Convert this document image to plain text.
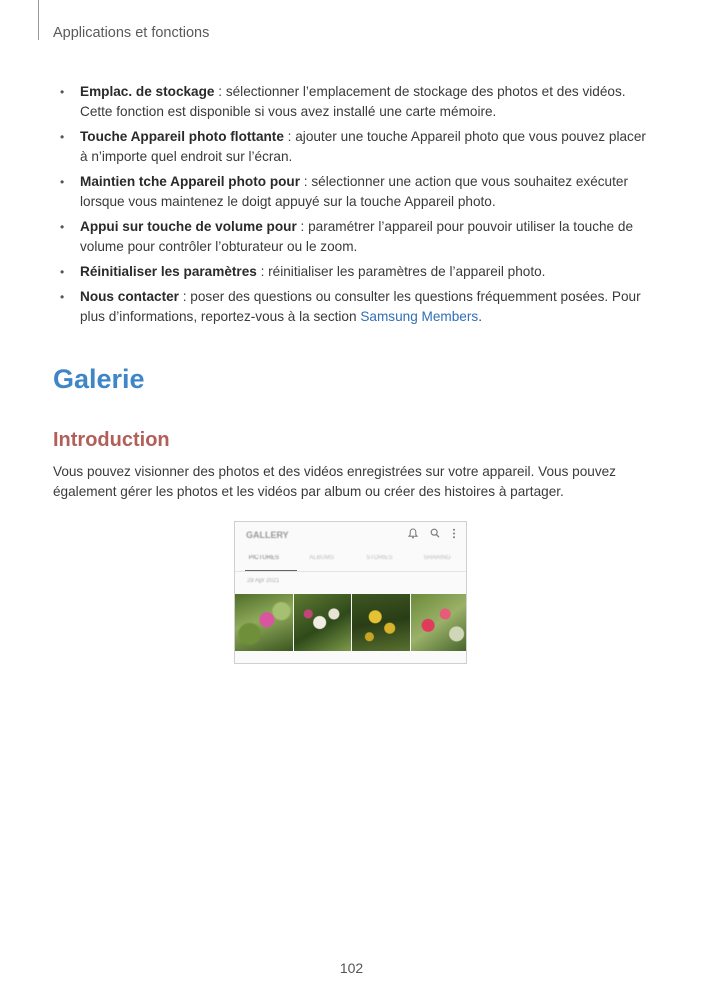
Applications et fonctions
• Emplac. de stockage : sélectionner l’emplacement de stockage des photos et des vidéos. Cette fonction est disponible si vous avez installé une carte mémoire.
• Touche Appareil photo flottante : ajouter une touche Appareil photo que vous pouvez placer à n’importe quel endroit sur l’écran.
• Maintien tche Appareil photo pour : sélectionner une action que vous souhaitez exécuter lorsque vous maintenez le doigt appuyé sur la touche Appareil photo.
• Appui sur touche de volume pour : paramétrer l’appareil pour pouvoir utiliser la touche de volume pour contrôler l’obturateur ou le zoom.
• Réinitialiser les paramètres : réinitialiser les paramètres de l’appareil photo.
• Nous contacter : poser des questions ou consulter les questions fréquemment posées. Pour plus d’informations, reportez-vous à la section Samsung Members.
Galerie
Introduction

Vous pouvez visionner des photos et des vidéos enregistrées sur votre appareil. Vous pouvez également gérer les photos et les vidéos par album ou créer des histoires à partager.

GALLERY
PICTURES	ALBUMS	STORIES	SHARING
28 Apr 2021
102
